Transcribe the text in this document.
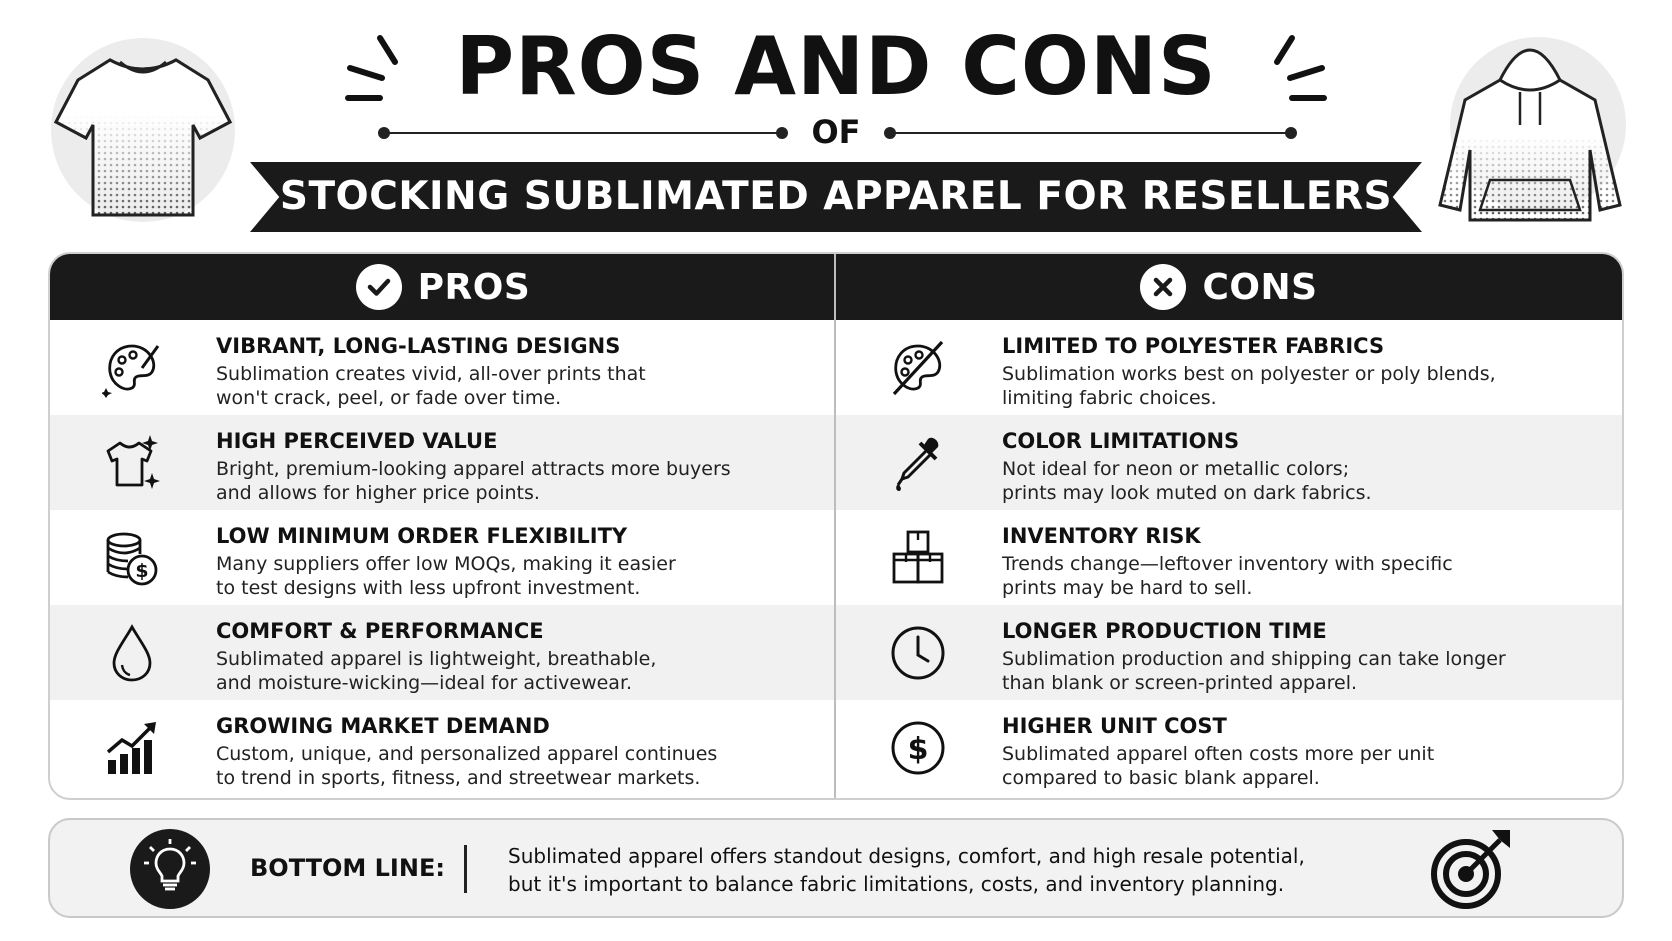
PROS AND CONS
OF
STOCKING SUBLIMATED APPAREL FOR RESELLERS
PROS
VIBRANT, LONG-LASTING DESIGNS
Sublimation creates vivid, all-over prints that
won't crack, peel, or fade over time.
HIGH PERCEIVED VALUE
Bright, premium-looking apparel attracts more buyers
and allows for higher price points.
$
LOW MINIMUM ORDER FLEXIBILITY
Many suppliers offer low MOQs, making it easier
to test designs with less upfront investment.
COMFORT & PERFORMANCE
Sublimated apparel is lightweight, breathable,
and moisture-wicking—ideal for activewear.
GROWING MARKET DEMAND
Custom, unique, and personalized apparel continues
to trend in sports, fitness, and streetwear markets.
CONS
LIMITED TO POLYESTER FABRICS
Sublimation works best on polyester or poly blends,
limiting fabric choices.
COLOR LIMITATIONS
Not ideal for neon or metallic colors;
prints may look muted on dark fabrics.
INVENTORY RISK
Trends change—leftover inventory with specific
prints may be hard to sell.
LONGER PRODUCTION TIME
Sublimation production and shipping can take longer
than blank or screen-printed apparel.
$
HIGHER UNIT COST
Sublimated apparel often costs more per unit
compared to basic blank apparel.
BOTTOM LINE:	Sublimated apparel offers standout designs, comfort, and high resale potential,
but it's important to balance fabric limitations, costs, and inventory planning.
